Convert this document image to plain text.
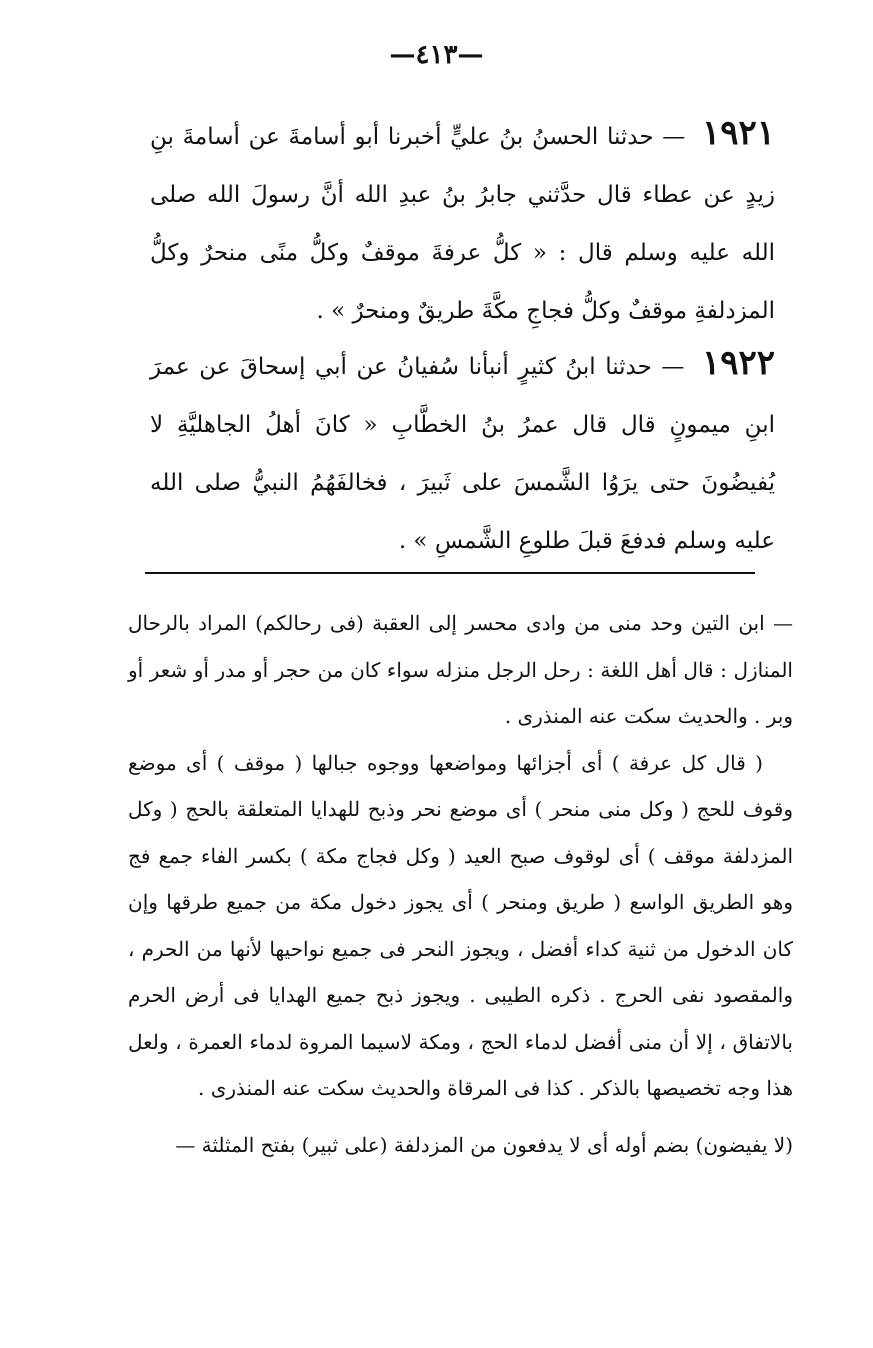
—٤١٣—
١٩٢١ — حدثنا الحسنُ بنُ عليٍّ أخبرنا أبو أسامةَ عن أسامةَ بنِ زيدٍ عن عطاء قال حدَّثني جابرُ بنُ عبدِ الله أنَّ رسولَ الله صلى الله عليه وسلم قال : « كلُّ عرفةَ موقفٌ وكلُّ منًى منحرٌ وكلُّ المزدلفةِ موقفٌ وكلُّ فجاجِ مكَّةَ طريقٌ ومنحرٌ » .
١٩٢٢ — حدثنا ابنُ كثيرٍ أنبأنا سُفيانُ عن أبي إسحاقَ عن عمرَ ابنِ ميمونٍ قال قال عمرُ بنُ الخطَّابِ « كانَ أهلُ الجاهليَّةِ لا يُفيضُونَ حتى يرَوُا الشَّمسَ على ثَبيرَ ، فخالفَهُمُ النبيُّ صلى الله عليه وسلم فدفعَ قبلَ طلوعِ الشَّمسِ » .

— ابن التين وحد منى من وادى محسر إلى العقبة (فى رحالكم) المراد بالرحال المنازل : قال أهل اللغة : رحل الرجل منزله سواء كان من حجر أو مدر أو شعر أو وبر . والحديث سكت عنه المنذرى .

( قال كل عرفة ) أى أجزائها ومواضعها ووجوه جبالها ( موقف ) أى موضع وقوف للحج ( وكل منى منحر ) أى موضع نحر وذبح للهدايا المتعلقة بالحج ( وكل المزدلفة موقف ) أى لوقوف صبح العيد ( وكل فجاج مكة ) بكسر الفاء جمع فج وهو الطريق الواسع ( طريق ومنحر ) أى يجوز دخول مكة من جميع طرقها وإن كان الدخول من ثنية كداء أفضل ، ويجوز النحر فى جميع نواحيها لأنها من الحرم ، والمقصود نفى الحرج . ذكره الطيبى . ويجوز ذبح جميع الهدايا فى أرض الحرم بالاتفاق ، إلا أن منى أفضل لدماء الحج ، ومكة لاسيما المروة لدماء العمرة ، ولعل هذا وجه تخصيصها بالذكر . كذا فى المرقاة والحديث سكت عنه المنذرى .

(لا يفيضون) بضم أوله أى لا يدفعون من المزدلفة (على ثبير) بفتح المثلثة —
